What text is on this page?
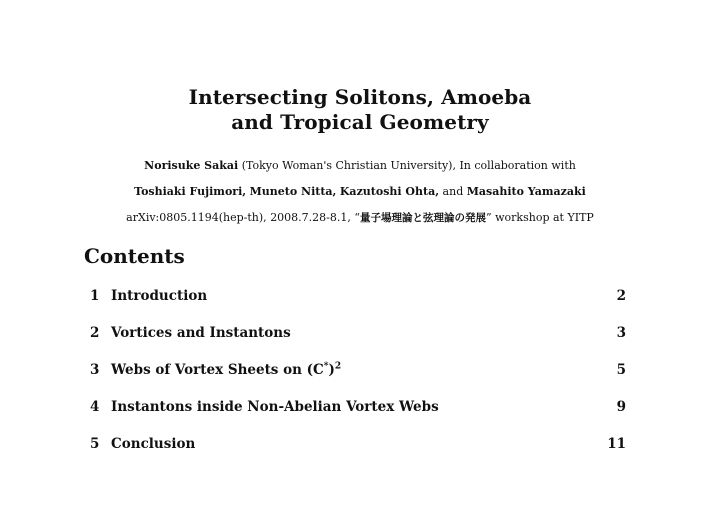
Intersecting Solitons, Amoeba
and Tropical Geometry
Norisuke Sakai (Tokyo Woman's Christian University), In collaboration with
Toshiaki Fujimori, Muneto Nitta, Kazutoshi Ohta, and Masahito Yamazaki
arXiv:0805.1194(hep-th), 2008.7.28-8.1, “量子場理論と弦理論の発展” workshop at YITP
Contents
1 Introduction	2
2 Vortices and Instantons	3
3 Webs of Vortex Sheets on $(C^*)^2$	5
4 Instantons inside Non-Abelian Vortex Webs	9
5 Conclusion	11
